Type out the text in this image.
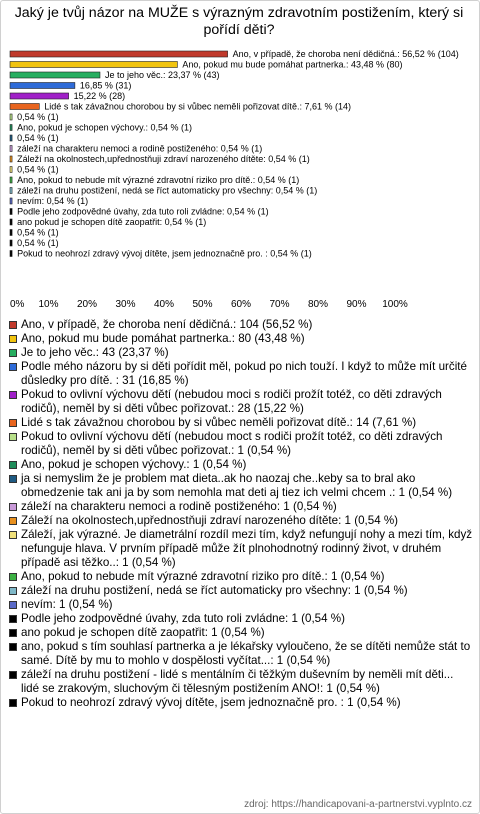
Jaký je tvůj názor na MUŽE s výrazným zdravotním postižením, který si pořídí děti?
Ano, v případě, že choroba není dědičná.: 56,52 % (104)
Ano, pokud mu bude pomáhat partnerka.: 43,48 % (80)
Je to jeho věc.: 23,37 % (43)
16,85 % (31)
15,22 % (28)
Lidé s tak závažnou chorobou by si vůbec neměli pořizovat dítě.: 7,61 % (14)
0,54 % (1)
Ano, pokud je schopen výchovy.: 0,54 % (1)
0,54 % (1)
záleží na charakteru nemoci a rodině postiženého: 0,54 % (1)
Záleží na okolnostech,upřednostňuji zdraví narozeného dítěte: 0,54 % (1)
0,54 % (1)
Ano, pokud to nebude mít výrazné zdravotní riziko pro dítě.: 0,54 % (1)
záleží na druhu postižení, nedá se říct automaticky pro všechny: 0,54 % (1)
nevím: 0,54 % (1)
Podle jeho zodpovědné úvahy, zda tuto roli zvládne: 0,54 % (1)
ano pokud je schopen dítě zaopatřit: 0,54 % (1)
0,54 % (1)
0,54 % (1)
Pokud to neohrozí zdravý vývoj dítěte, jsem jednoznačně pro. : 0,54 % (1)
0% 10% 20% 30% 40% 50% 60% 70% 80% 90% 100%
Ano, v případě, že choroba není dědičná.: 104 (56,52 %)
Ano, pokud mu bude pomáhat partnerka.: 80 (43,48 %)
Je to jeho věc.: 43 (23,37 %)
Podle mého názoru by si děti pořídit měl, pokud po nich touží. I když to může mít určité důsledky pro dítě. : 31 (16,85 %)
Pokud to ovlivní výchovu dětí (nebudou moci s rodiči prožít totéž, co děti zdravých rodičů), neměl by si děti vůbec pořizovat.: 28 (15,22 %)
Lidé s tak závažnou chorobou by si vůbec neměli pořizovat dítě.: 14 (7,61 %)
Pokud to ovlivní výchovu dětí (nebudou moct s rodiči prožít totéž, co děti zdravých rodičů), neměl by si děti vůbec pořizovat.: 1 (0,54 %)
Ano, pokud je schopen výchovy.: 1 (0,54 %)
ja si nemyslim že je problem mat dieta..ak ho naozaj che..keby sa to bral ako obmedzenie tak ani ja by som nemohla mat deti aj tiez ich velmi chcem .: 1 (0,54 %)
záleží na charakteru nemoci a rodině postiženého: 1 (0,54 %)
Záleží na okolnostech,upřednostňuji zdraví narozeného dítěte: 1 (0,54 %)
Záleží, jak výrazné. Je diametrální rozdíl mezi tím, když nefungují nohy a mezi tím, když nefunguje hlava. V prvním případě může žít plnohodnotný rodinný život, v druhém případě asi těžko..: 1 (0,54 %)
Ano, pokud to nebude mít výrazné zdravotní riziko pro dítě.: 1 (0,54 %)
záleží na druhu postižení, nedá se říct automaticky pro všechny: 1 (0,54 %)
nevím: 1 (0,54 %)
Podle jeho zodpovědné úvahy, zda tuto roli zvládne: 1 (0,54 %)
ano pokud je schopen dítě zaopatřit: 1 (0,54 %)
ano, pokud s tím souhlasí partnerka a je lékařsky vyloučeno, že se dítěti nemůže stát to samé. Dítě by mu to mohlo v dospělosti vyčítat...: 1 (0,54 %)
záleží na druhu postižení - lidé s mentálním či těžkým duševním by neměli mít děti... lidé se zrakovým, sluchovým či tělesným postižením ANO!: 1 (0,54 %)
Pokud to neohrozí zdravý vývoj dítěte, jsem jednoznačně pro. : 1 (0,54 %)
zdroj: https://handicapovani-a-partnerstvi.vyplnto.cz
